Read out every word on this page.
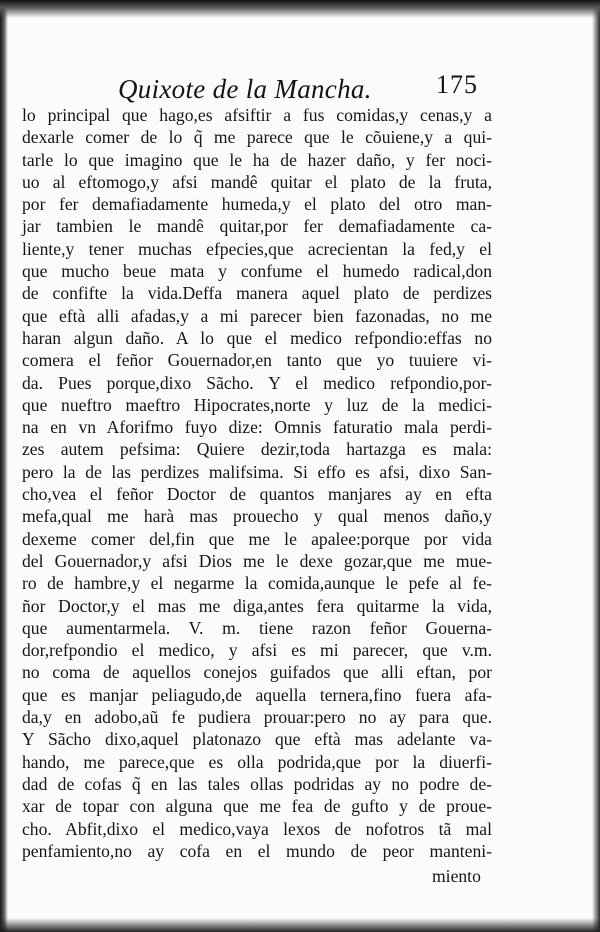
Quixote de la Mancha. 175
lo principal que hago,es afsiftir a fus comidas,y cenas,y a
dexarle comer de lo q̃ me parece que le cõuiene,y a qui-
tarle lo que imagino que le ha de hazer daño, y fer noci-
uo al eftomogo,y afsi mandê quitar el plato de la fruta,
por fer demafiadamente humeda,y el plato del otro man-
jar tambien le mandê quitar,por fer demafiadamente ca-
liente,y tener muchas efpecies,que acrecientan la fed,y el
que mucho beue mata y confume el humedo radical,don
de confifte la vida.Deffa manera aquel plato de perdizes
que eftà alli afadas,y a mi parecer bien fazonadas, no me
haran algun daño. A lo que el medico refpondio:effas no
comera el feñor Gouernador,en tanto que yo tuuiere vi-
da. Pues porque,dixo Sãcho. Y el medico refpondio,por-
que nueftro maeftro Hipocrates,norte y luz de la medici-
na en vn Aforifmo fuyo dize: Omnis faturatio mala perdi-
zes autem pefsima: Quiere dezir,toda hartazga es mala:
pero la de las perdizes malifsima. Si effo es afsi, dixo San-
cho,vea el feñor Doctor de quantos manjares ay en efta
mefa,qual me harà mas prouecho y qual menos daño,y
dexeme comer del,fin que me le apalee:porque por vida
del Gouernador,y afsi Dios me le dexe gozar,que me mue-
ro de hambre,y el negarme la comida,aunque le pefe al fe-
ñor Doctor,y el mas me diga,antes fera quitarme la vida,
que aumentarmela. V. m. tiene razon feñor Gouerna-
dor,refpondio el medico, y afsi es mi parecer, que v.m.
no coma de aquellos conejos guifados que alli eftan, por
que es manjar peliagudo,de aquella ternera,fino fuera afa-
da,y en adobo,aũ fe pudiera prouar:pero no ay para que.
Y Sãcho dixo,aquel platonazo que eftà mas adelante va-
hando, me parece,que es olla podrida,que por la diuerfi-
dad de cofas q̃ en las tales ollas podridas ay no podre de-
xar de topar con alguna que me fea de gufto y de proue-
cho. Abfit,dixo el medico,vaya lexos de nofotros tã mal
penfamiento,no ay cofa en el mundo de peor manteni-
miento
